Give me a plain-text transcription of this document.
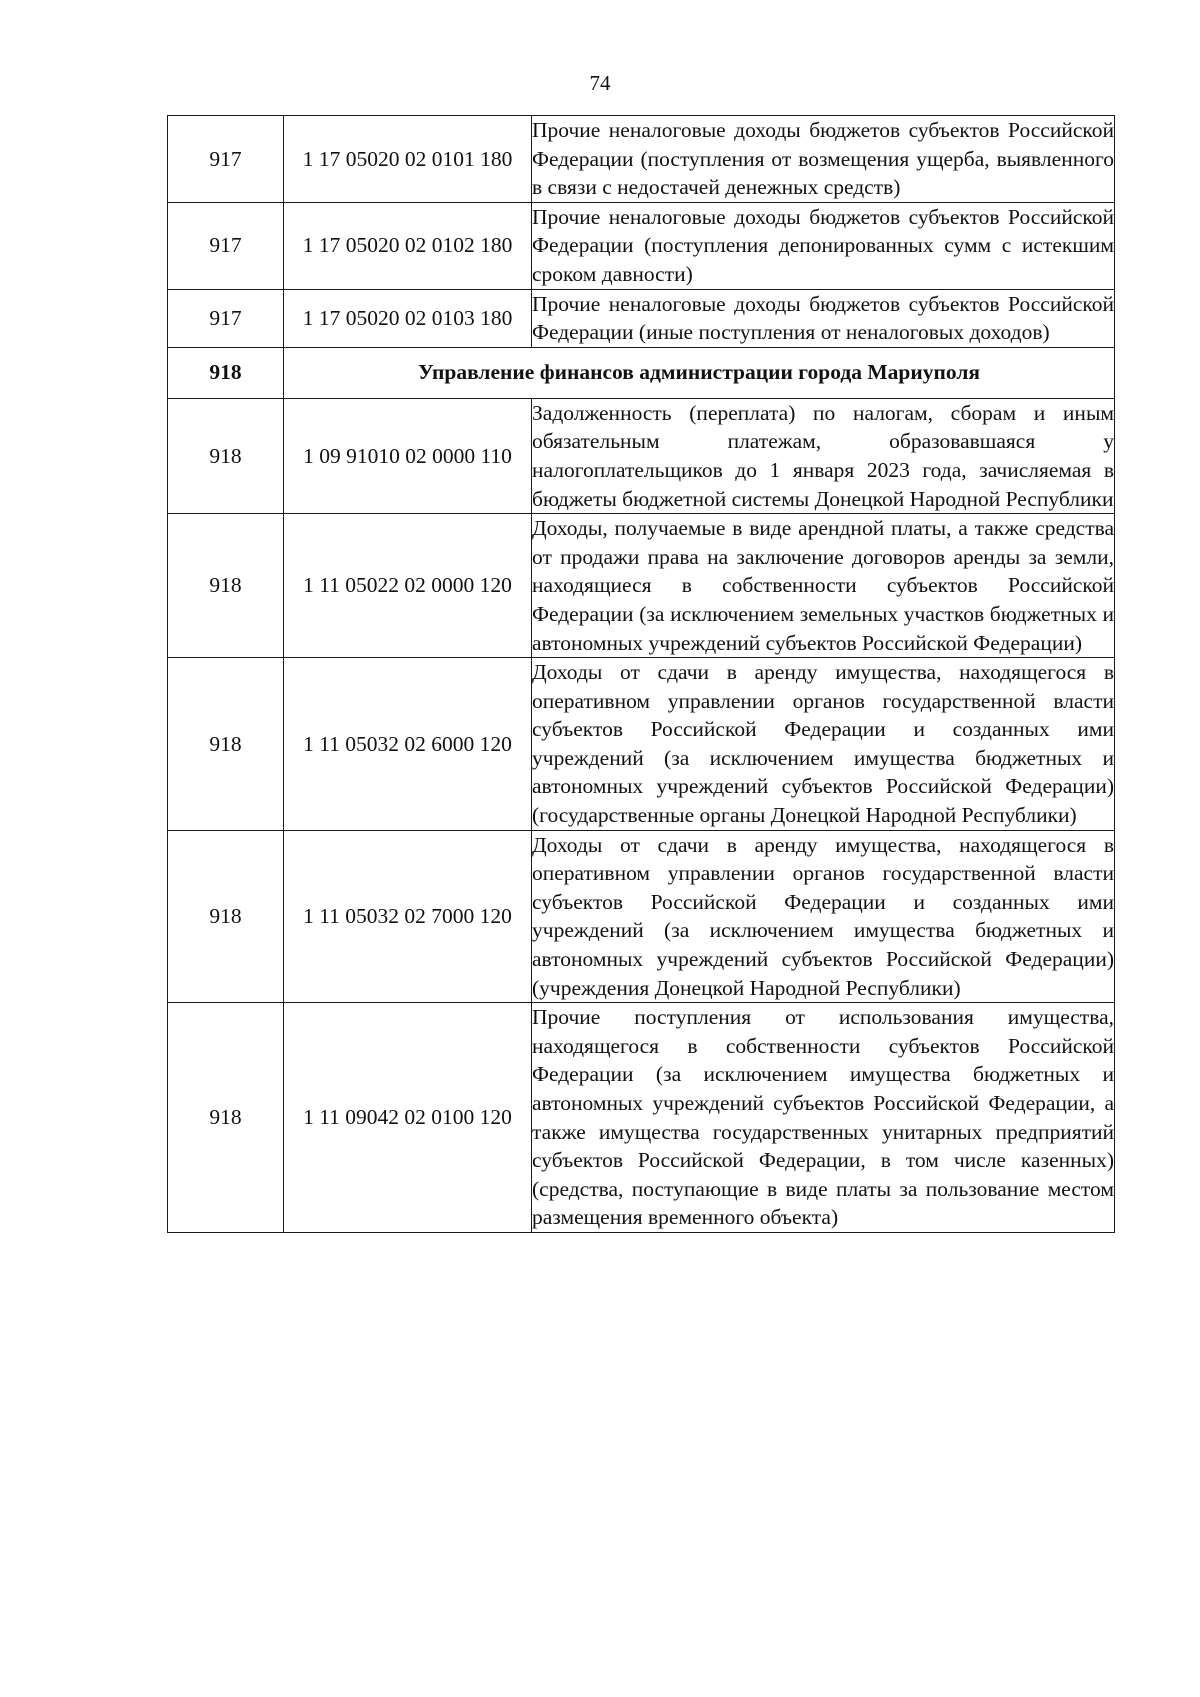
74
917	1 17 05020 02 0101 180	Прочие неналоговые доходы бюджетов субъектов Российской Федерации (поступления от возмещения ущерба, выявленного в связи с недостачей денежных средств)
917	1 17 05020 02 0102 180	Прочие неналоговые доходы бюджетов субъектов Российской Федерации (поступления депонированных сумм с истекшим сроком давности)
917	1 17 05020 02 0103 180	Прочие неналоговые доходы бюджетов субъектов Российской Федерации (иные поступления от неналоговых доходов)
918	Управление финансов администрации города Мариуполя	
918	1 09 91010 02 0000 110	Задолженность (переплата) по налогам, сборам и иным обязательным платежам, образовавшаяся у налогоплательщиков до 1 января 2023 года, зачисляемая в бюджеты бюджетной системы Донецкой Народной Республики
918	1 11 05022 02 0000 120	Доходы, получаемые в виде арендной платы, а также средства от продажи права на заключение договоров аренды за земли, находящиеся в собственности субъектов Российской Федерации (за исключением земельных участков бюджетных и автономных учреждений субъектов Российской Федерации)
918	1 11 05032 02 6000 120	Доходы от сдачи в аренду имущества, находящегося в оперативном управлении органов государственной власти субъектов Российской Федерации и созданных ими учреждений (за исключением имущества бюджетных и автономных учреждений субъектов Российской Федерации) (государственные органы Донецкой Народной Республики)
918	1 11 05032 02 7000 120	Доходы от сдачи в аренду имущества, находящегося в оперативном управлении органов государственной власти субъектов Российской Федерации и созданных ими учреждений (за исключением имущества бюджетных и автономных учреждений субъектов Российской Федерации) (учреждения Донецкой Народной Республики)
918	1 11 09042 02 0100 120	Прочие поступления от использования имущества, находящегося в собственности субъектов Российской Федерации (за исключением имущества бюджетных и автономных учреждений субъектов Российской Федерации, а также имущества государственных унитарных предприятий субъектов Российской Федерации, в том числе казенных) (средства, поступающие в виде платы за пользование местом размещения временного объекта)
